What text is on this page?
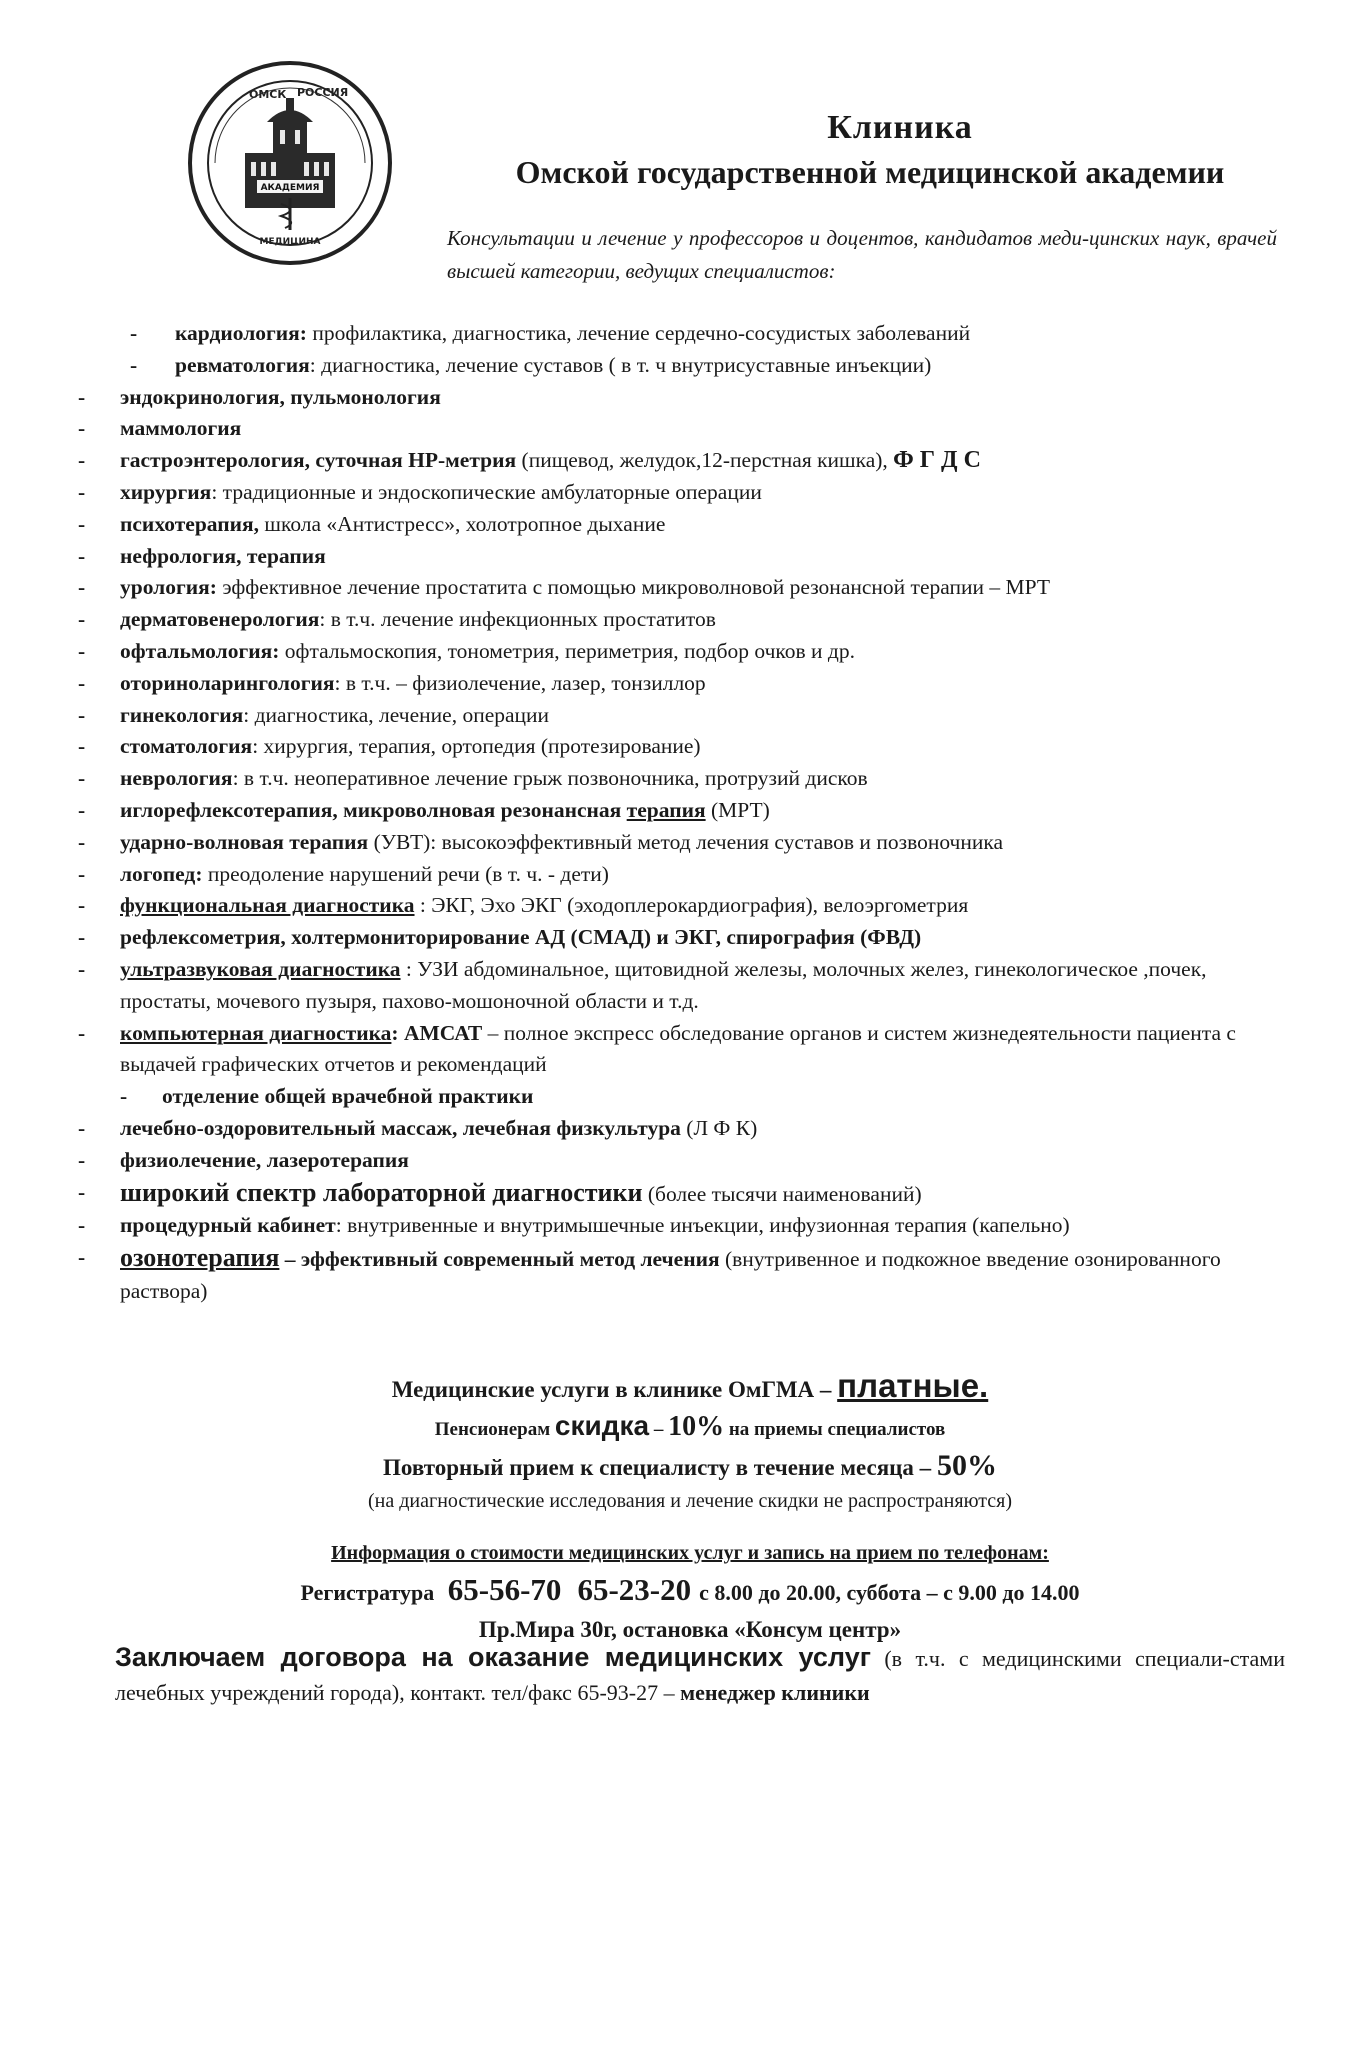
ОМСК РОССИЯ
АКАДЕМИЯ
МЕДИЦИНА
Клиника
Омской государственной медицинской академии
Консультации и лечение у профессоров и доцентов, кандидатов меди-цинских наук, врачей высшей категории, ведущих специалистов:
- кардиология: профилактика, диагностика, лечение сердечно-сосудистых заболеваний
- ревматология: диагностика, лечение суставов ( в т. ч внутрисуставные инъекции)
- эндокринология, пульмонология
- маммология
- гастроэнтерология, суточная НР-метрия (пищевод, желудок,12-перстная кишка), Ф Г Д С
- хирургия: традиционные и эндоскопические амбулаторные операции
- психотерапия, школа «Антистресс», холотропное дыхание
- нефрология, терапия
- урология: эффективное лечение простатита с помощью микроволновой резонансной терапии – МРТ
- дерматовенерология: в т.ч. лечение инфекционных простатитов
- офтальмология: офтальмоскопия, тонометрия, периметрия, подбор очков и др.
- оториноларингология: в т.ч. – физиолечение, лазер, тонзиллор
- гинекология: диагностика, лечение, операции
- стоматология: хирургия, терапия, ортопедия (протезирование)
- неврология: в т.ч. неоперативное лечение грыж позвоночника, протрузий дисков
- иглорефлексотерапия, микроволновая резонансная терапия (МРТ)
- ударно-волновая терапия (УВТ): высокоэффективный метод лечения суставов и позвоночника
- логопед: преодоление нарушений речи (в т. ч. - дети)
- функциональная диагностика : ЭКГ, Эхо ЭКГ (эходоплерокардиография), велоэргометрия
- рефлексометрия, холтермониторирование АД (СМАД) и ЭКГ, спирография (ФВД)
- ультразвуковая диагностика : УЗИ абдоминальное, щитовидной железы, молочных желез, гинекологическое ,почек, простаты, мочевого пузыря, пахово-мошоночной области и т.д.
- компьютерная диагностика: АМСАТ – полное экспресс обследование органов и систем жизнедеятельности пациента с выдачей графических отчетов и рекомендаций
- отделение общей врачебной практики
- лечебно-оздоровительный массаж, лечебная физкультура (Л Ф К)
- физиолечение, лазеротерапия
- широкий спектр лабораторной диагностики (более тысячи наименований)
- процедурный кабинет: внутривенные и внутримышечные инъекции, инфузионная терапия (капельно)
- озонотерапия – эффективный современный метод лечения (внутривенное и подкожное введение озонированного раствора)
Медицинские услуги в клинике ОмГМА – платные.
Пенсионерам скидка – 10% на приемы специалистов
Повторный прием к специалисту в течение месяца – 50%
(на диагностические исследования и лечение скидки не распространяются)
Информация о стоимости медицинских услуг и запись на прием по телефонам:
Регистратура 65-56-70 65-23-20 с 8.00 до 20.00, суббота – с 9.00 до 14.00
Пр.Мира 30г, остановка «Консум центр»
Заключаем договора на оказание медицинских услуг (в т.ч. с медицинскими специали-стами лечебных учреждений города), контакт. тел/факс 65-93-27 – менеджер клиники
